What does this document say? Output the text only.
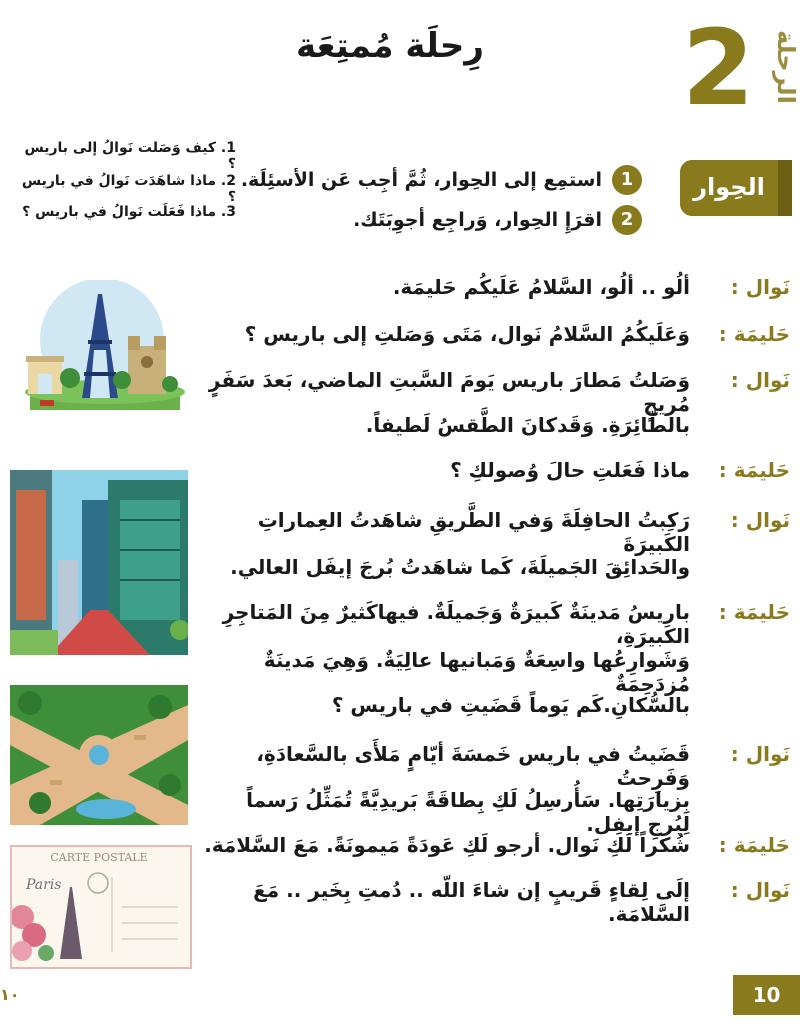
2 الرحلة
رِحلَة مُمتِعَة
الحِوار
1
استمِع إلى الحِوار، ثُمَّ أجِب عَن الأسئِلَة.
2
اقرَإِ الحِوار، وَراجِع أجوِبَتَك.
1. كيف وَصَلت نَوالُ إلى باريس ؟
2. ماذا شاهَدَت نَوالُ في باريس ؟
3. ماذا فَعَلَت نَوالُ في باريس ؟
نَوال :
ألُو .. ألُو، السَّلامُ عَلَيكُم حَليمَة.
حَليمَة :
وَعَلَيكُمُ السَّلامُ نَوال، مَتَى وَصَلتِ إلى باريس ؟
نَوال :
وَصَلتُ مَطارَ باريس يَومَ السَّبتِ الماضي، بَعدَ سَفَرٍ مُريحٍ
بالطّائِرَةِ. وَقَدكانَ الطَّقسُ لَطيفاً.
حَليمَة :
ماذا فَعَلتِ حالَ وُصولكِ ؟
نَوال :
رَكِبتُ الحافِلَةَ وَفي الطَّريقِ شاهَدتُ العِماراتِ الكَبيرَةَ
والحَدائِقَ الجَميلَةَ، كَما شاهَدتُ بُرجَ إيفَل العالي.
حَليمَة :
باريسُ مَدينَةٌ كَبيرَةٌ وَجَميلَةٌ. فيهاكَثيرٌ مِنَ المَتاجِرِ الكَبيرَةِ،
وَشَوارِعُها واسِعَةٌ وَمَبانيها عالِيَةٌ. وَهِيَ مَدينَةٌ مُزدَحِمَةٌ
بالسُّكانِ.كَم يَوماً قَضَيتِ في باريس ؟
نَوال :
قَضَيتُ في باريس خَمسَةَ أيّامٍ مَلأَى بالسَّعادَةِ، وَفَرِحتُ
بِزيارَتِها. سَأُرسِلُ لَكِ بِطاقَةً بَريدِيَّةً تُمَثِّلُ رَسماً لِبُرجِ إيفِل.
حَليمَة :
شُكراً لَكِ نَوال. أرجو لَكِ عَودَةً مَيمونَةً. مَعَ السَّلامَة.
نَوال :
إلَى لِقاءٍ قَريبٍ إن شاءَ اللّه .. دُمتِ بِخَير .. مَعَ السَّلامَة.
CARTE POSTALE
Paris
10
١٠
